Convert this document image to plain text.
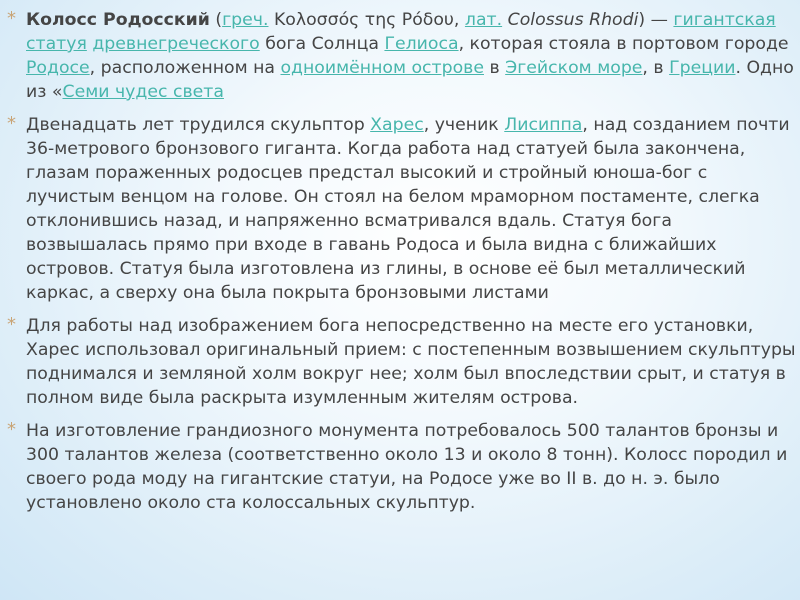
* Колосс Родосский (греч. Κολοσσός της Ρόδου, лат. Colossus Rhodi) — гигантская статуя древнегреческого бога Солнца Гелиоса, которая стояла в портовом городе Родосе, расположенном на одноимённом острове в Эгейском море, в Греции. Одно из «Семи чудес света

* Двенадцать лет трудился скульптор Харес, ученик Лисиппа, над созданием почти 36-метрового бронзового гиганта. Когда работа над статуей была закончена, глазам пораженных родосцев предстал высокий и стройный юноша-бог с лучистым венцом на голове. Он стоял на белом мраморном постаменте, слегка отклонившись назад, и напряженно всматривался вдаль. Статуя бога возвышалась прямо при входе в гавань Родоса и была видна с ближайших островов. Статуя была изготовлена из глины, в основе её был металлический каркас, а сверху она была покрыта бронзовыми листами

* Для работы над изображением бога непосредственно на месте его установки, Харес использовал оригинальный прием: с постепенным возвышением скульптуры поднимался и земляной холм вокруг нее; холм был впоследствии срыт, и статуя в полном виде была раскрыта изумленным жителям острова.

* На изготовление грандиозного монумента потребовалось 500 талантов бронзы и 300 талантов железа (соответственно около 13 и около 8 тонн). Колосс породил и своего рода моду на гигантские статуи, на Родосе уже во II в. до н. э. было установлено около ста колоссальных скульптур.
